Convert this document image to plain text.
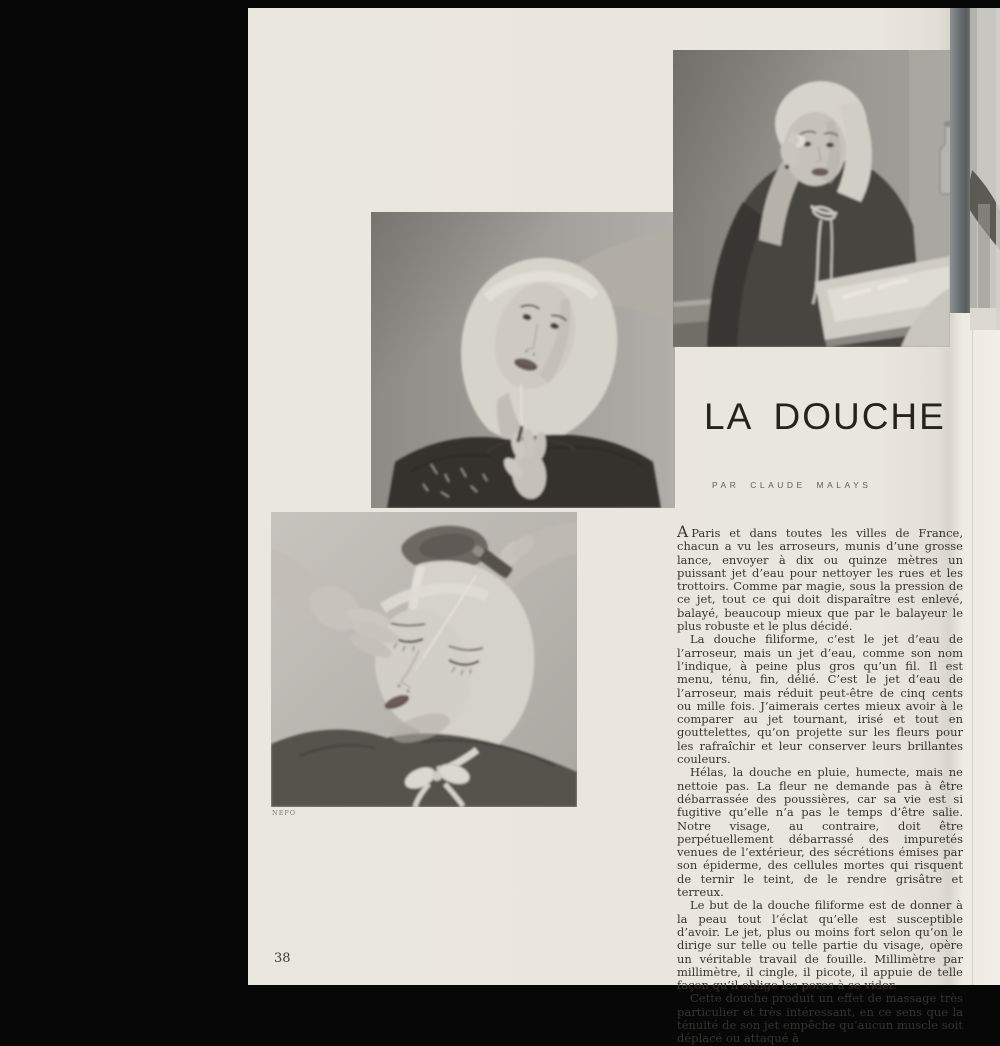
LA DOUCHE
PAR CLAUDE MALAYS

A Paris et dans toutes les villes de France, chacun a vu les arroseurs, munis d’une grosse lance, envoyer à dix ou quinze mètres un puissant jet d’eau pour nettoyer les rues et les trottoirs. Comme par magie, sous la pression de ce jet, tout ce qui doit disparaître est enlevé, balayé, beaucoup mieux que par le balayeur le plus robuste et le plus décidé.

La douche filiforme, c’est le jet d’eau de l’arroseur, mais un jet d’eau, comme son nom l’indique, à peine plus gros qu’un fil. Il est menu, ténu, fin, délié. C’est le jet d’eau de l’arroseur, mais réduit peut-être de cinq cents ou mille fois. J’aimerais certes mieux avoir à le comparer au jet tournant, irisé et tout en gouttelettes, qu’on projette sur les fleurs pour les rafraîchir et leur conserver leurs brillantes couleurs.

Hélas, la douche en pluie, humecte, mais ne nettoie pas. La fleur ne demande pas à être débarrassée des poussières, car sa vie est si fugitive qu’elle n’a pas le temps d’être salie. Notre visage, au contraire, doit être perpétuellement débarrassé des impuretés venues de l’extérieur, des sécrétions émises par son épiderme, des cellules mortes qui risquent de ternir le teint, de le rendre grisâtre et terreux.

Le but de la douche filiforme est de donner à la peau tout l’éclat qu’elle est susceptible d’avoir. Le jet, plus ou moins fort selon qu’on le dirige sur telle ou telle partie du visage, opère un véritable travail de fouille. Millimètre par millimètre, il cingle, il picote, il appuie de telle façon qu’il oblige les pores à se vider.

Cette douche produit un effet de massage très particulier et très intéressant, en ce sens que la ténuité de son jet empêche qu’aucun muscle soit déplacé ou attaqué à

NEPO
38
